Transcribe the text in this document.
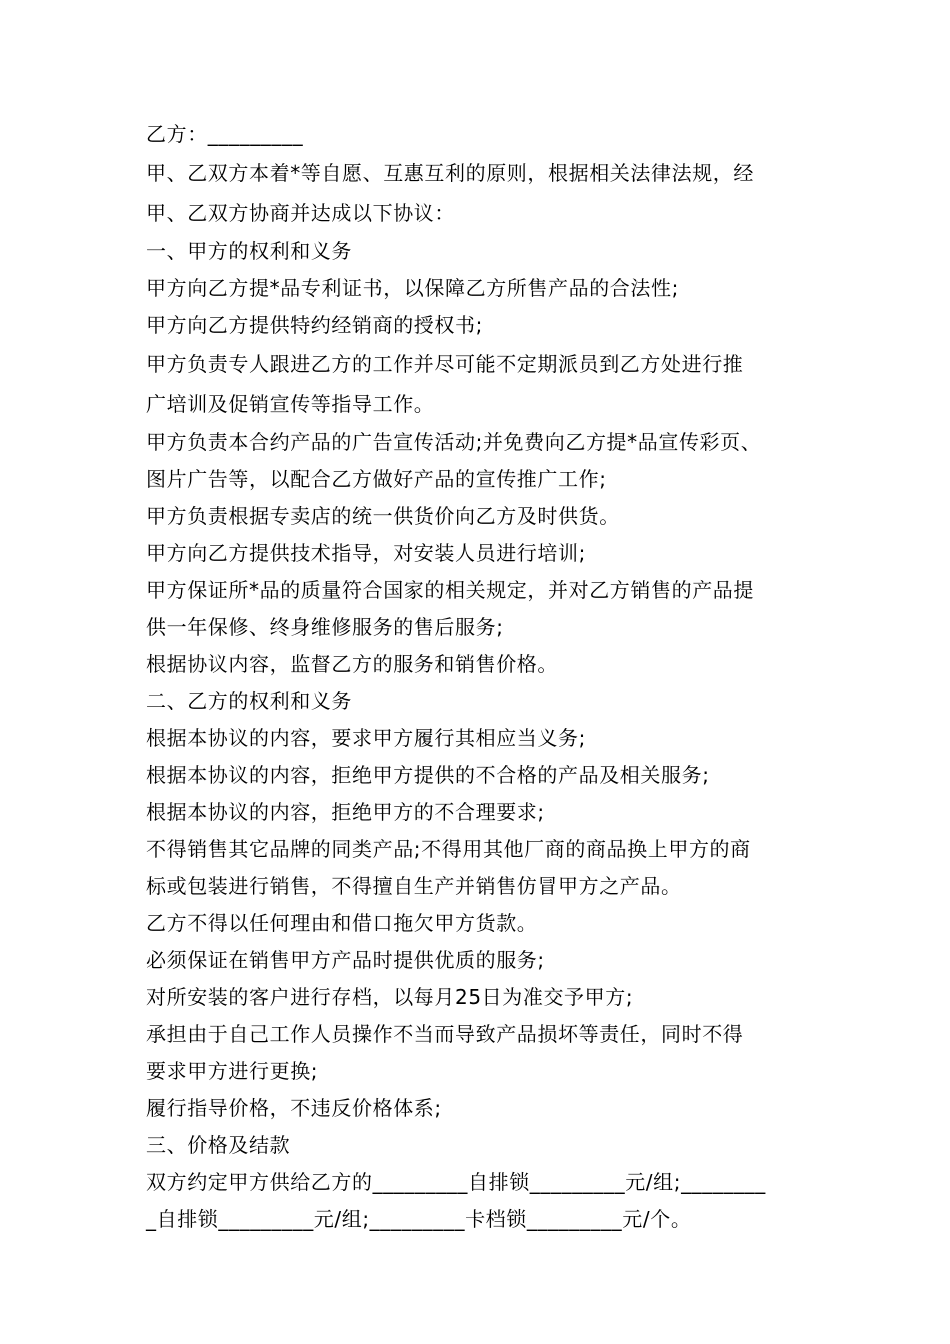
乙方：_________

甲、乙双方本着*等自愿、互惠互利的原则，根据相关法律法规，经

甲、乙双方协商并达成以下协议：

一、甲方的权利和义务

甲方向乙方提*品专利证书，以保障乙方所售产品的合法性;

甲方向乙方提供特约经销商的授权书;

甲方负责专人跟进乙方的工作并尽可能不定期派员到乙方处进行推

广培训及促销宣传等指导工作。

甲方负责本合约产品的广告宣传活动;并免费向乙方提*品宣传彩页、

图片广告等，以配合乙方做好产品的宣传推广工作;

甲方负责根据专卖店的统一供货价向乙方及时供货。

甲方向乙方提供技术指导，对安装人员进行培训;

甲方保证所*品的质量符合国家的相关规定，并对乙方销售的产品提

供一年保修、终身维修服务的售后服务;

根据协议内容，监督乙方的服务和销售价格。

二、乙方的权利和义务

根据本协议的内容，要求甲方履行其相应当义务;

根据本协议的内容，拒绝甲方提供的不合格的产品及相关服务;

根据本协议的内容，拒绝甲方的不合理要求;

不得销售其它品牌的同类产品;不得用其他厂商的商品换上甲方的商

标或包装进行销售，不得擅自生产并销售仿冒甲方之产品。

乙方不得以任何理由和借口拖欠甲方货款。

必须保证在销售甲方产品时提供优质的服务;

对所安装的客户进行存档，以每月25日为准交予甲方;

承担由于自己工作人员操作不当而导致产品损坏等责任，同时不得

要求甲方进行更换;

履行指导价格，不违反价格体系;

三、价格及结款

双方约定甲方供给乙方的_________自排锁_________元/组;________

_自排锁_________元/组;_________卡档锁_________元/个。
